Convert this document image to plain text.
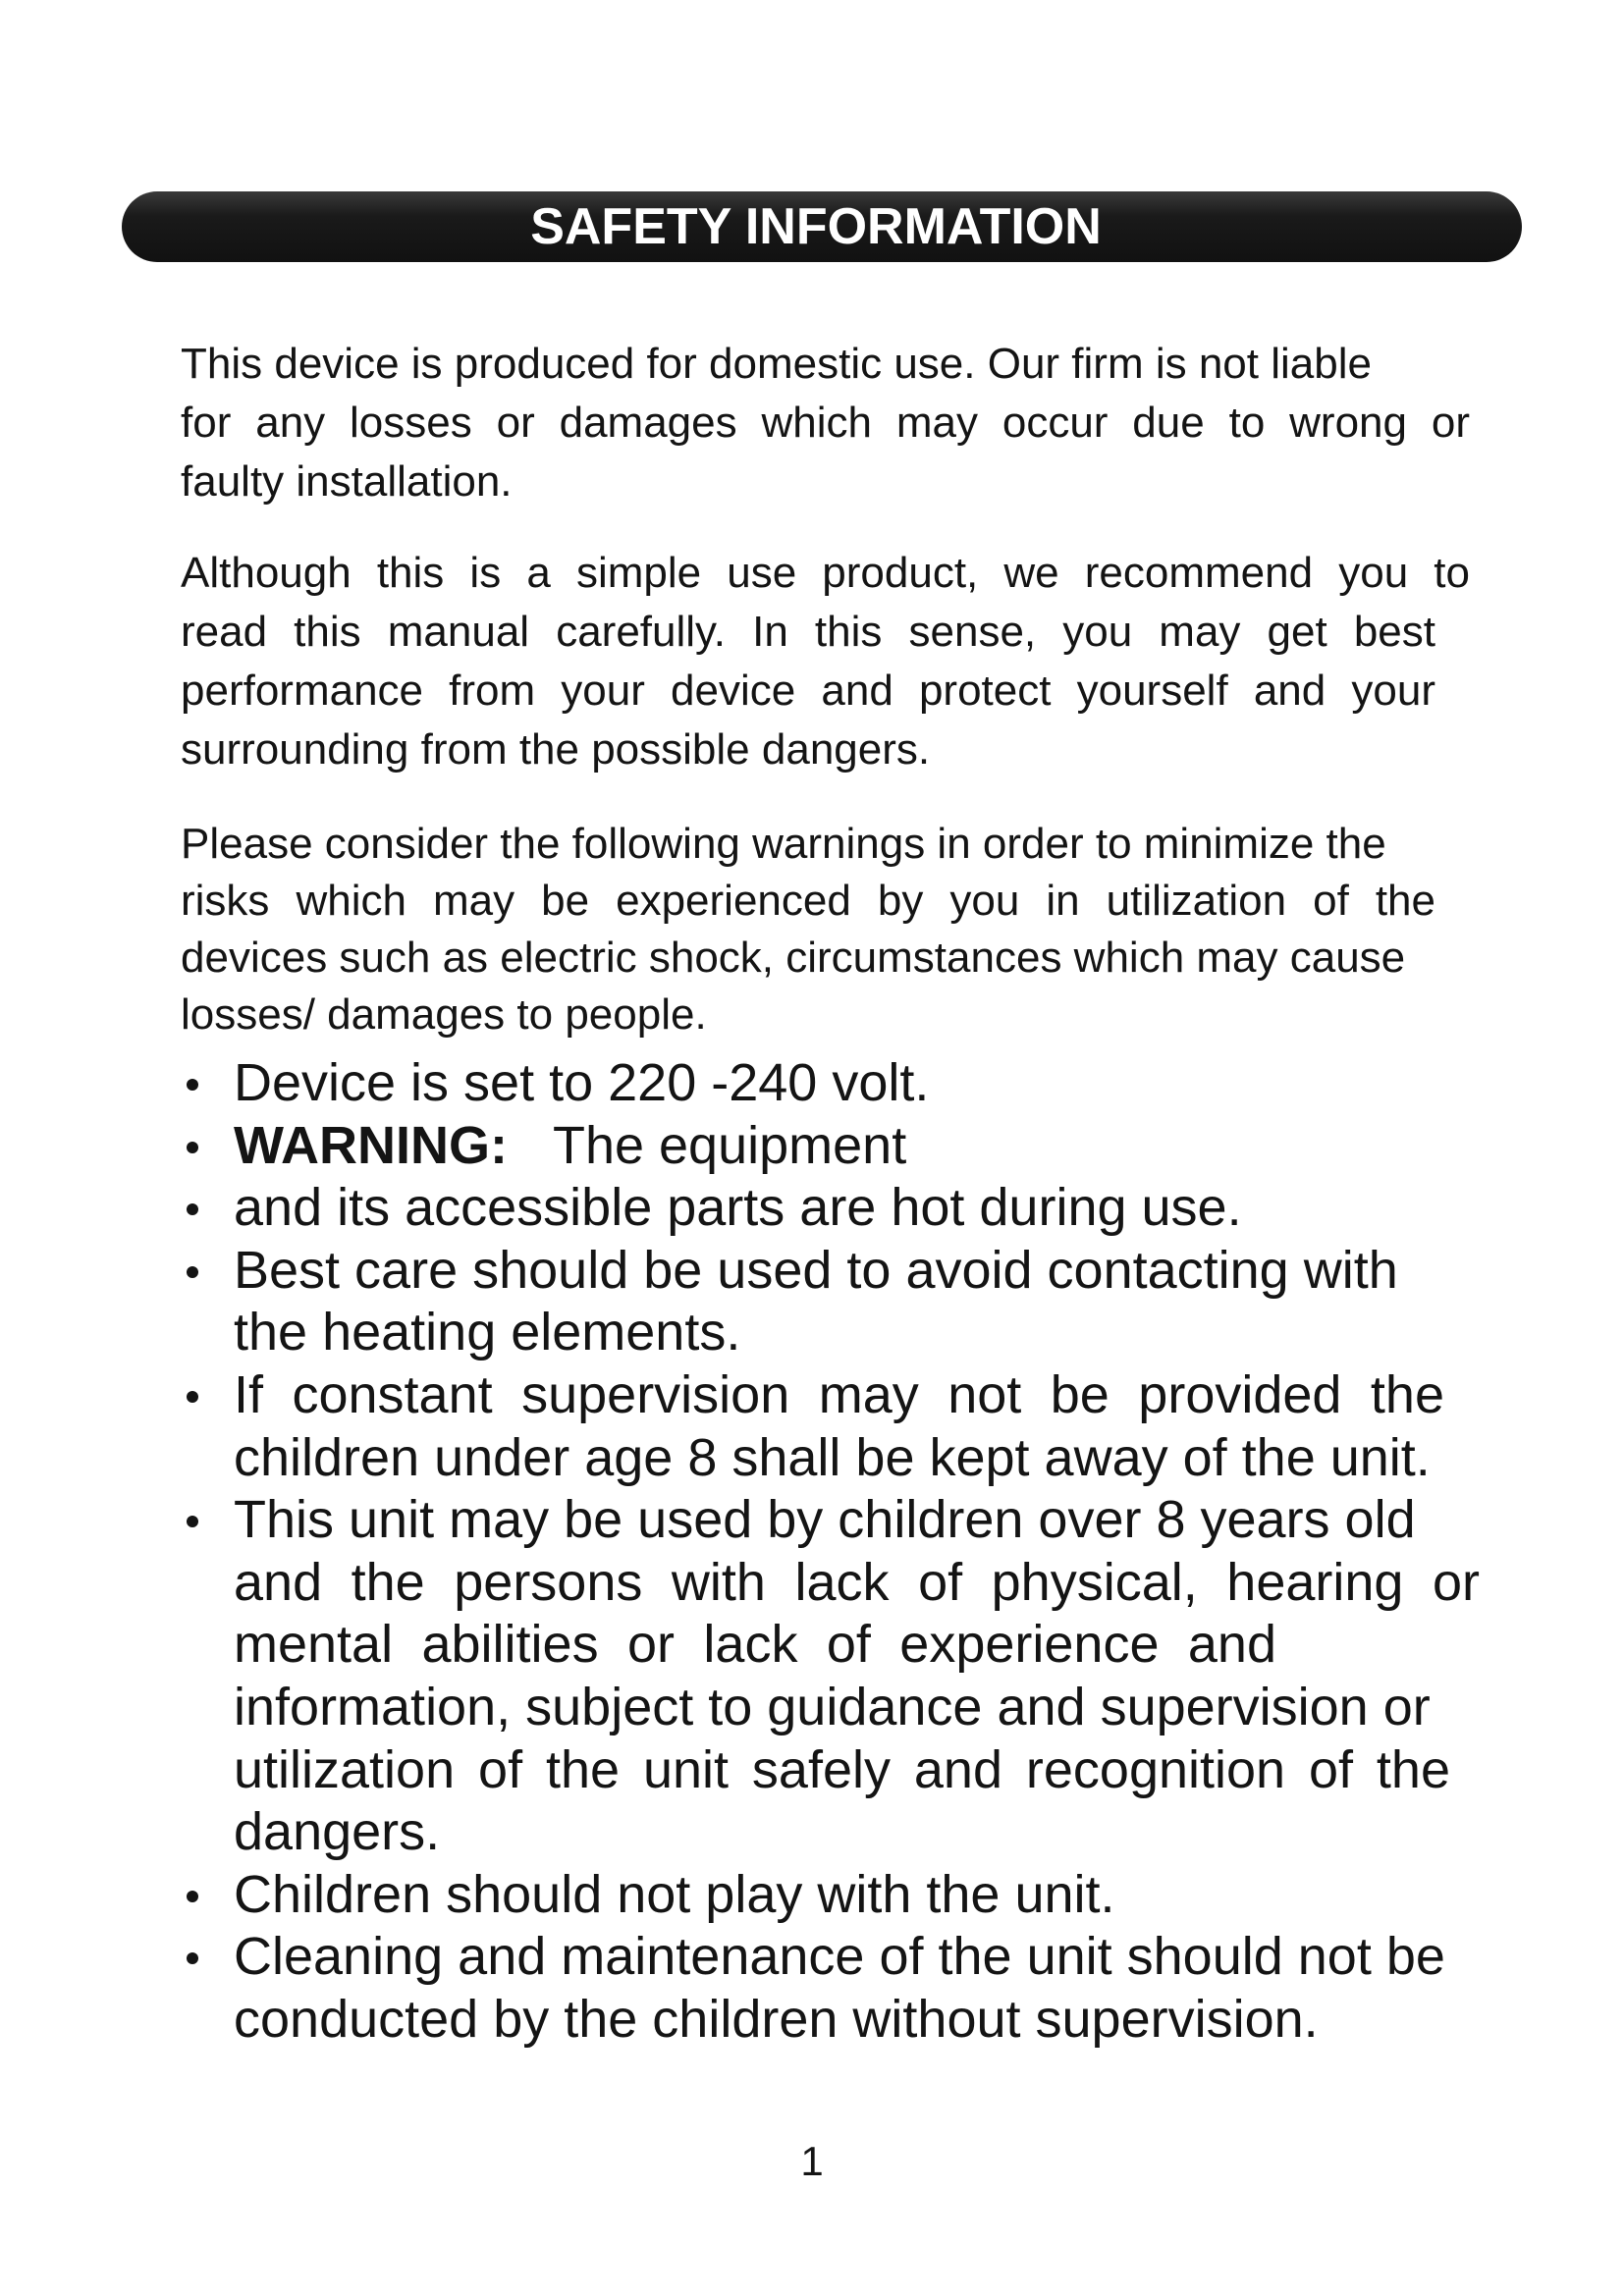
SAFETY INFORMATION
This device is produced for domestic use. Our firm is not liable
for any losses or damages which may occur due to wrong or
faulty installation.
Although this is a simple use product, we recommend you to
read this manual carefully. In this sense, you may get best
performance from your device and protect yourself and your
surrounding from the possible dangers.
Please consider the following warnings in order to minimize the
risks which may be experienced by you in utilization of the
devices such as electric shock, circumstances which may cause
losses/ damages to people.
Device is set to 220 -240 volt.
WARNING: The equipment
and its accessible parts are hot during use.
Best care should be used to avoid contacting with
the heating elements.
If constant supervision may not be provided the
children under age 8 shall be kept away of the unit.
This unit may be used by children over 8 years old
and the persons with lack of physical, hearing or
mental abilities or lack of experience and
information, subject to guidance and supervision or
utilization of the unit safely and recognition of the
dangers.
Children should not play with the unit.
Cleaning and maintenance of the unit should not be
conducted by the children without supervision.
1
